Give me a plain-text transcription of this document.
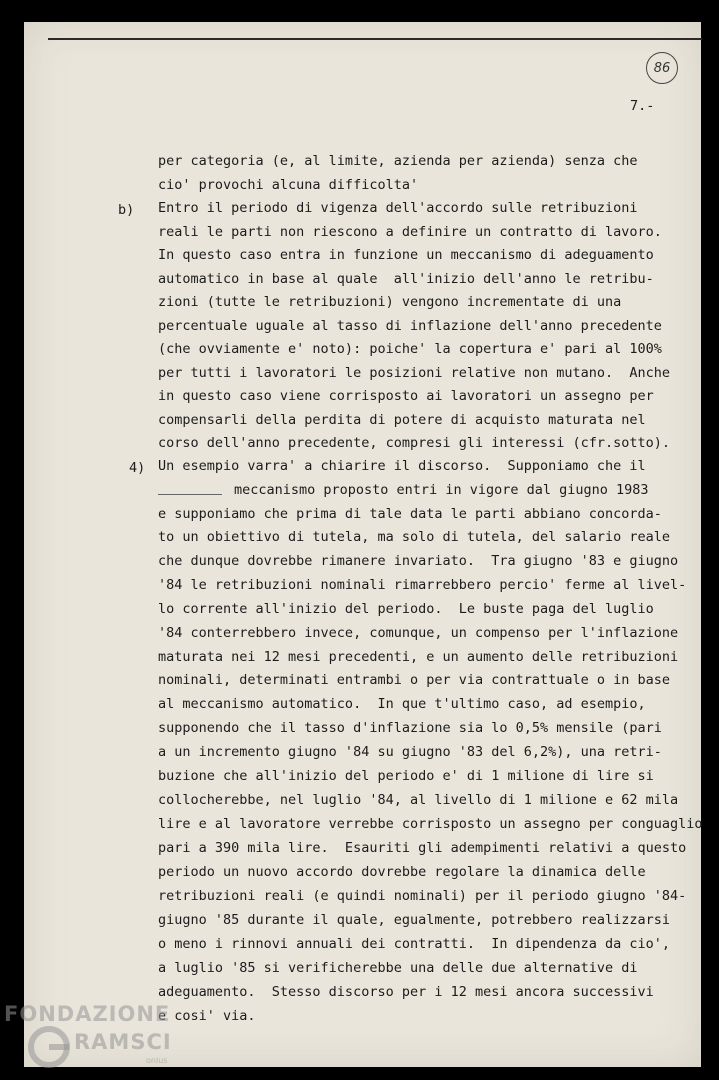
86
7.-
b)
4)
per categoria (e, al limite, azienda per azienda) senza che
cio' provochi alcuna difficolta'
Entro il periodo di vigenza dell'accordo sulle retribuzioni
reali le parti non riescono a definire un contratto di lavoro.
In questo caso entra in funzione un meccanismo di adeguamento
automatico in base al quale  all'inizio dell'anno le retribu-
zioni (tutte le retribuzioni) vengono incrementate di una
percentuale uguale al tasso di inflazione dell'anno precedente
(che ovviamente e' noto): poiche' la copertura e' pari al 100%
per tutti i lavoratori le posizioni relative non mutano.  Anche
in questo caso viene corrisposto ai lavoratori un assegno per
compensarli della perdita di potere di acquisto maturata nel
corso dell'anno precedente, compresi gli interessi (cfr.sotto).
Un esempio varra' a chiarire il discorso.  Supponiamo che il
meccanismo proposto entri in vigore dal giugno 1983
e supponiamo che prima di tale data le parti abbiano concorda-
to un obiettivo di tutela, ma solo di tutela, del salario reale
che dunque dovrebbe rimanere invariato.  Tra giugno '83 e giugno
'84 le retribuzioni nominali rimarrebbero percio' ferme al livel-
lo corrente all'inizio del periodo.  Le buste paga del luglio
'84 conterrebbero invece, comunque, un compenso per l'inflazione
maturata nei 12 mesi precedenti, e un aumento delle retribuzioni
nominali, determinati entrambi o per via contrattuale o in base
al meccanismo automatico.  In que t'ultimo caso, ad esempio,
supponendo che il tasso d'inflazione sia lo 0,5% mensile (pari
a un incremento giugno '84 su giugno '83 del 6,2%), una retri-
buzione che all'inizio del periodo e' di 1 milione di lire si
collocherebbe, nel luglio '84, al livello di 1 milione e 62 mila
lire e al lavoratore verrebbe corrisposto un assegno per conguaglio
pari a 390 mila lire.  Esauriti gli adempimenti relativi a questo
periodo un nuovo accordo dovrebbe regolare la dinamica delle
retribuzioni reali (e quindi nominali) per il periodo giugno '84-
giugno '85 durante il quale, egualmente, potrebbero realizzarsi
o meno i rinnovi annuali dei contratti.  In dipendenza da cio',
a luglio '85 si verificherebbe una delle due alternative di
adeguamento.  Stesso discorso per i 12 mesi ancora successivi
e cosi' via.
FONDAZIONE
RAMSCI
onlus
